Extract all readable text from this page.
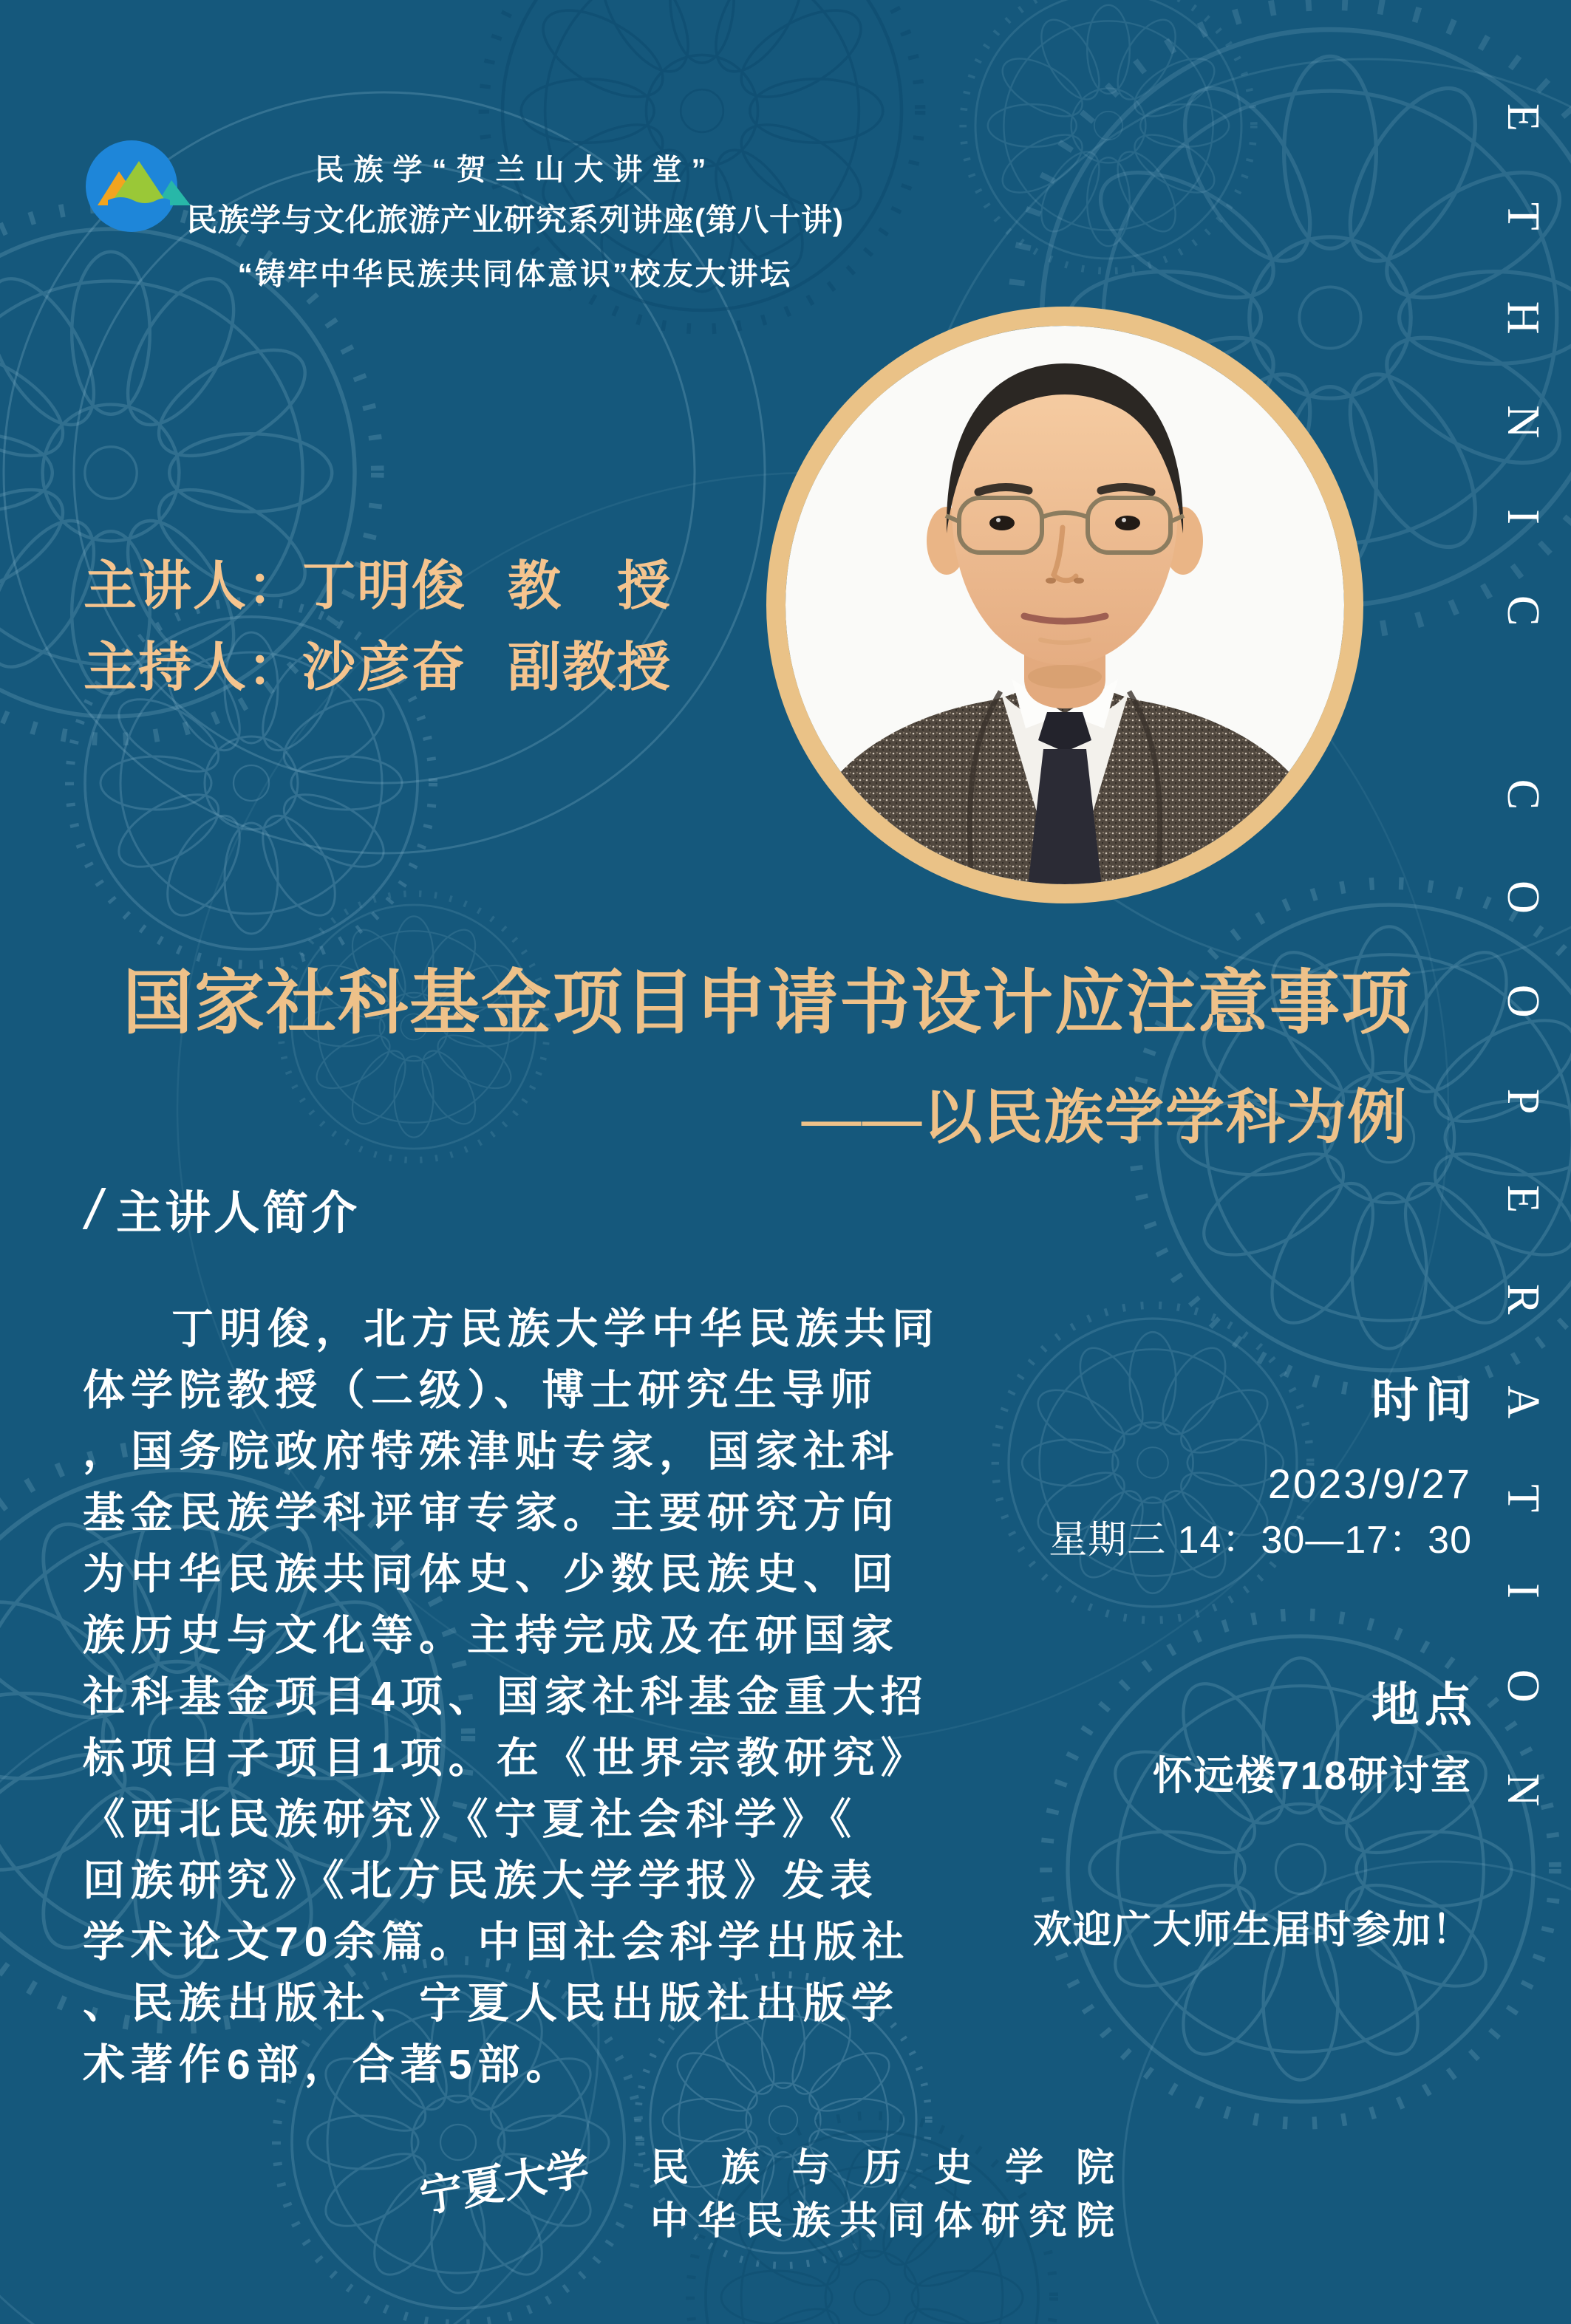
民族学“贺兰山大讲堂”
民族学与文化旅游产业研究系列讲座(第八十讲)
“铸牢中华民族共同体意识”校友大讲坛
主讲人：丁明俊 教　授
主持人：沙彦奋 副教授
国家社科基金项目申请书设计应注意事项
——以民族学学科为例
/ 主讲人简介
丁明俊，北方民族大学中华民族共同
体学院教授（二级）、博士研究生导师
，国务院政府特殊津贴专家，国家社科
基金民族学科评审专家。主要研究方向
为中华民族共同体史、少数民族史、回
族历史与文化等。主持完成及在研国家
社科基金项目4项、国家社科基金重大招
标项目子项目1项。在《世界宗教研究》
《西北民族研究》《宁夏社会科学》《
回族研究》《北方民族大学学报》发表
学术论文70余篇。中国社会科学出版社
、民族出版社、宁夏人民出版社出版学
术著作6部，合著5部。
时间
2023/9/27
星期三 14：30—17：30
地点
怀远楼718研讨室
欢迎广大师生届时参加！
宁夏大学 民族与历史学院
中华民族共同体研究院
ETHNIC COOPERATION
